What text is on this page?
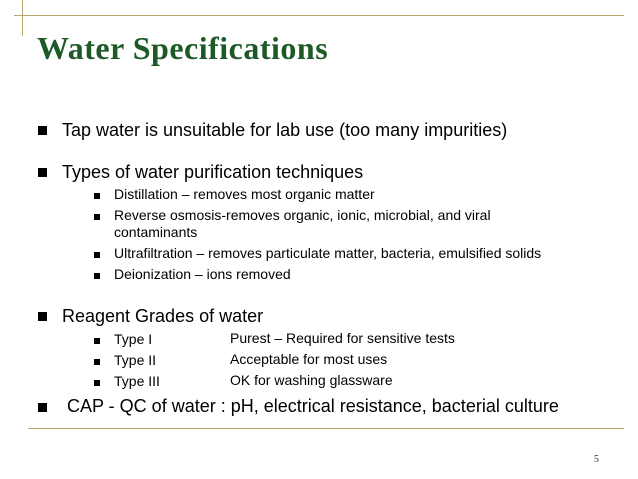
Water Specifications
Tap water is unsuitable for lab use (too many impurities)
Types of water purification techniques
Distillation – removes most organic matter
Reverse osmosis-removes organic, ionic, microbial, and viral
contaminants
Ultrafiltration – removes particulate matter, bacteria, emulsified solids
Deionization – ions removed
Reagent Grades of water
Type I	Purest – Required for sensitive tests
Type II	Acceptable for most uses
Type III	OK for washing glassware
CAP - QC of water : pH, electrical resistance, bacterial culture
5
